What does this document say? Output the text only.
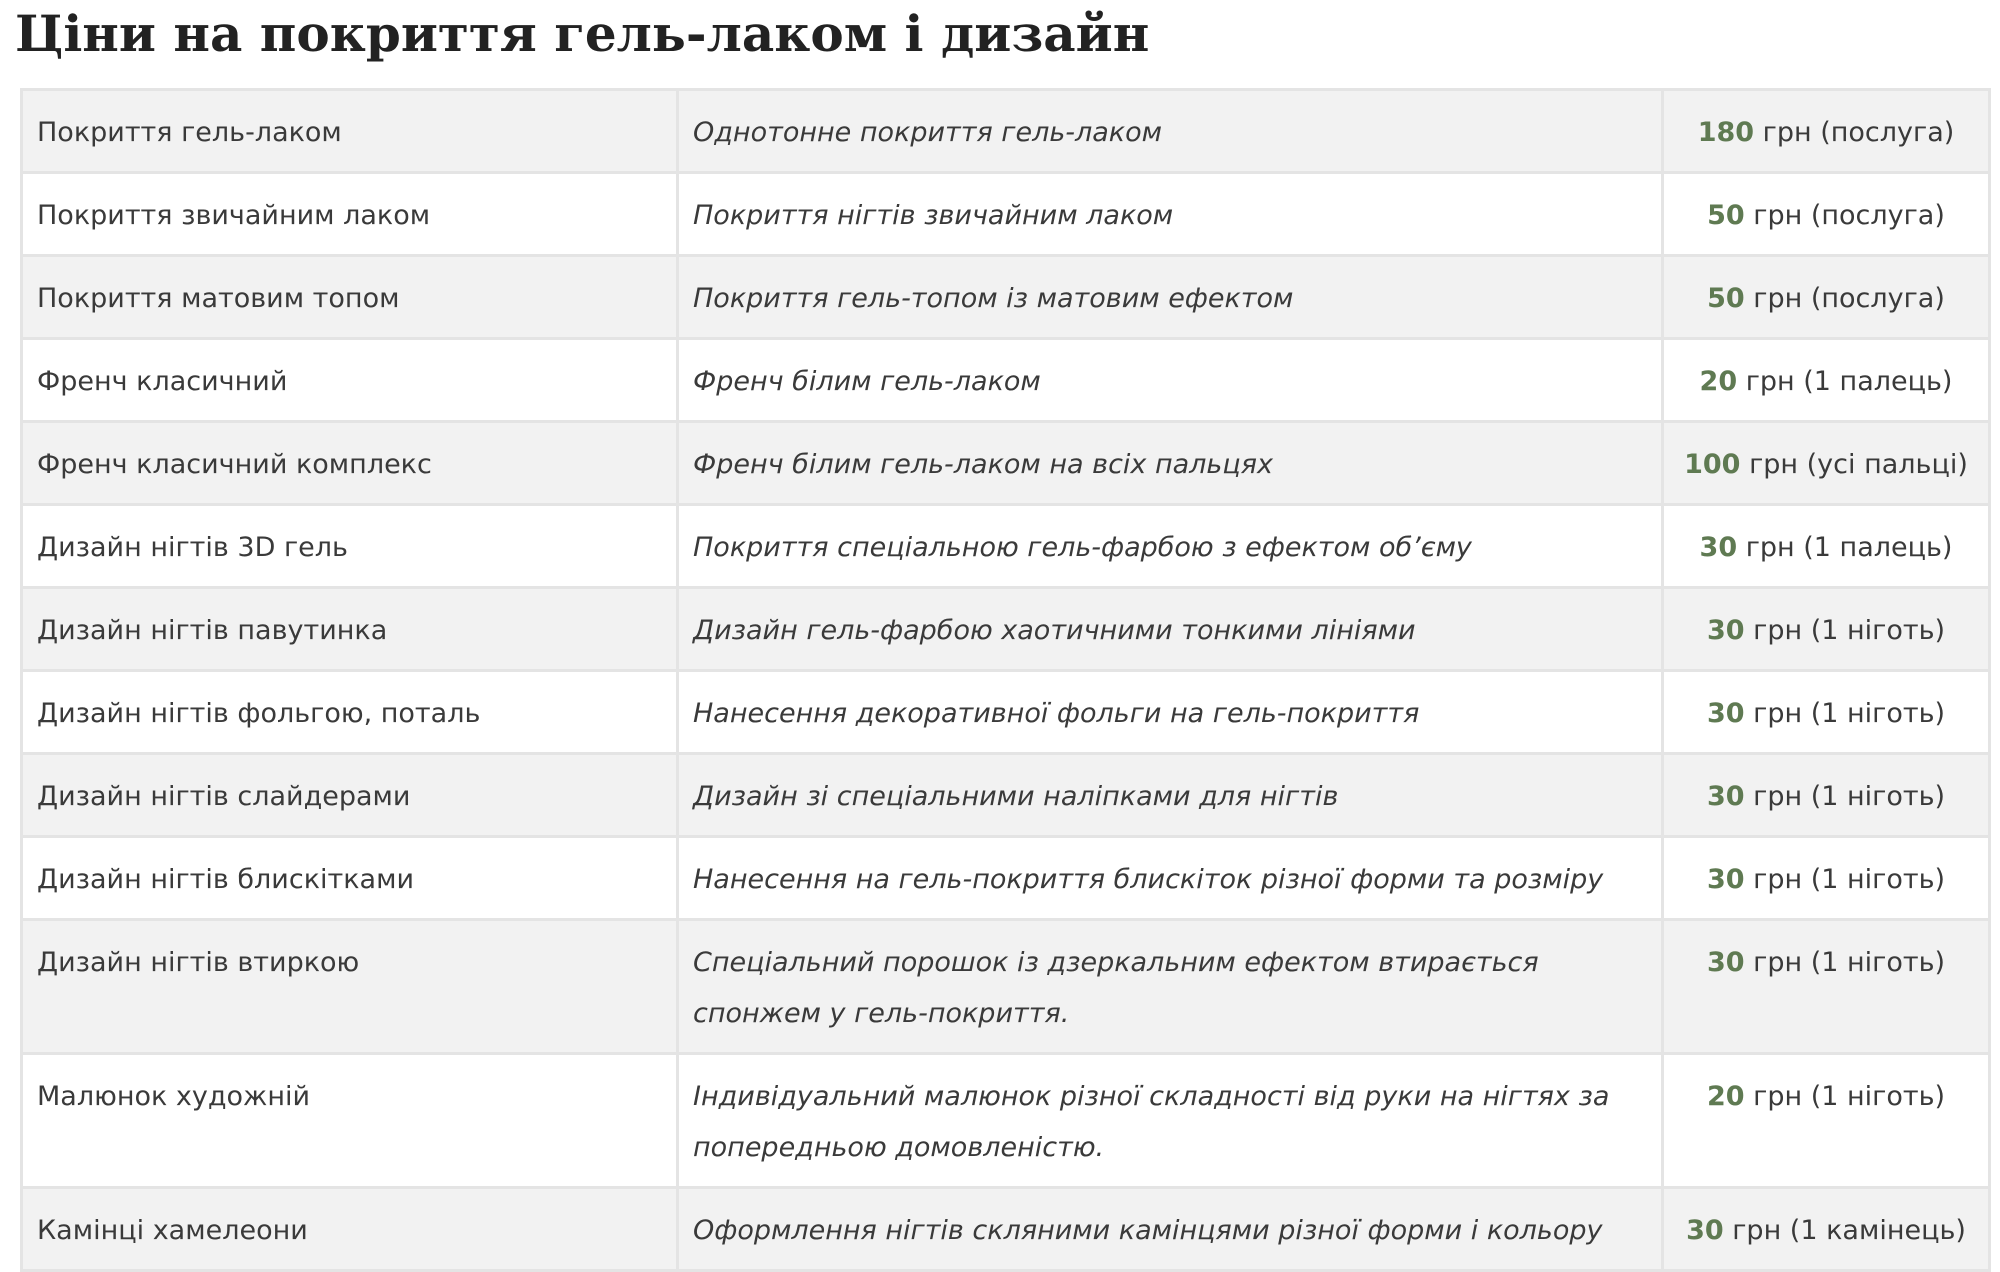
Ціни на покриття гель-лаком і дизайн
Покриття гель-лаком	Однотонне покриття гель-лаком	180 грн (послуга)
Покриття звичайним лаком	Покриття нігтів звичайним лаком	50 грн (послуга)
Покриття матовим топом	Покриття гель-топом із матовим ефектом	50 грн (послуга)
Френч класичний	Френч білим гель-лаком	20 грн (1 палець)
Френч класичний комплекс	Френч білим гель-лаком на всіх пальцях	100 грн (усі пальці)
Дизайн нігтів 3D гель	Покриття спеціальною гель-фарбою з ефектом об’єму	30 грн (1 палець)
Дизайн нігтів павутинка	Дизайн гель-фарбою хаотичними тонкими лініями	30 грн (1 ніготь)
Дизайн нігтів фольгою, поталь	Нанесення декоративної фольги на гель-покриття	30 грн (1 ніготь)
Дизайн нігтів слайдерами	Дизайн зі спеціальними наліпками для нігтів	30 грн (1 ніготь)
Дизайн нігтів блискітками	Нанесення на гель-покриття блискіток різної форми та розміру	30 грн (1 ніготь)
Дизайн нігтів втиркою	Спеціальний порошок із дзеркальним ефектом втирається спонжем у гель-покриття.	30 грн (1 ніготь)
Малюнок художній	Індивідуальний малюнок різної складності від руки на нігтях за попередньою домовленістю.	20 грн (1 ніготь)
Камінці хамелеони	Оформлення нігтів скляними камінцями різної форми і кольору	30 грн (1 камінець)
